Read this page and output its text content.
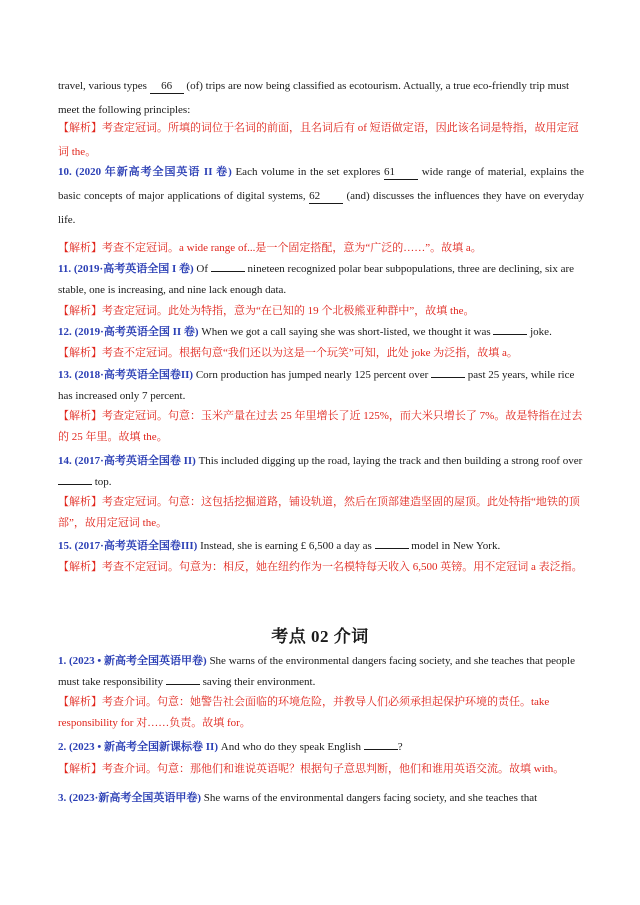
travel, various types 66 (of) trips are now being classified as ecotourism. Actually, a true eco-friendly trip must meet the following principles:

【解析】考查定冠词。所填的词位于名词的前面，且名词后有 of 短语做定语，因此该名词是特指，故用定冠词 the。

10. (2020 年新高考全国英语 II 卷) Each volume in the set explores 61 wide range of material, explains the basic concepts of major applications of digital systems, 62 (and) discusses the influences they have on everyday life.

【解析】考查不定冠词。a wide range of...是一个固定搭配，意为“广泛的……”。故填 a。

11. (2019·高考英语全国 I 卷) Of	nineteen recognized polar bear subpopulations, three are declining, six are stable, one is increasing, and nine lack enough data.

【解析】考查定冠词。此处为特指，意为“在已知的 19 个北极熊亚种群中”，故填 the。

12. (2019·高考英语全国 II 卷) When we got a call saying she was short-listed, we thought it was	joke.

【解析】考查不定冠词。根据句意“我们还以为这是一个玩笑”可知，此处 joke 为泛指，故填 a。

13. (2018·高考英语全国卷II) Corn production has jumped nearly 125 percent over	past 25 years, while rice has increased only 7 percent.

【解析】考查定冠词。句意：玉米产量在过去 25 年里增长了近 125%，而大米只增长了 7%。故是特指在过去的 25 年里。故填 the。

14. (2017·高考英语全国卷 II) This included digging up the road, laying the track and then building a strong roof over  top.

【解析】考查定冠词。句意：这包括挖掘道路，铺设轨道，然后在顶部建造坚固的屋顶。此处特指“地铁的顶部”，故用定冠词 the。

15. (2017·高考英语全国卷III) Instead, she is earning £ 6,500 a day as	model in New York.

【解析】考查不定冠词。句意为：相反，她在纽约作为一名模特每天收入 6,500 英镑。用不定冠词 a 表泛指。

考点 02 介词

1. (2023 • 新高考全国英语甲卷) She warns of the environmental dangers facing society, and she teaches that people must take responsibility	saving their environment.

【解析】考查介词。句意：她警告社会面临的环境危险，并教导人们必须承担起保护环境的责任。take responsibility for 对……负责。故填 for。

2. (2023 • 新高考全国新课标卷 II) And who do they speak English	?

【解析】考查介词。句意：那他们和谁说英语呢？根据句子意思判断，他们和谁用英语交流。故填 with。

3. (2023·新高考全国英语甲卷) She warns of the environmental dangers facing society, and she teaches that
